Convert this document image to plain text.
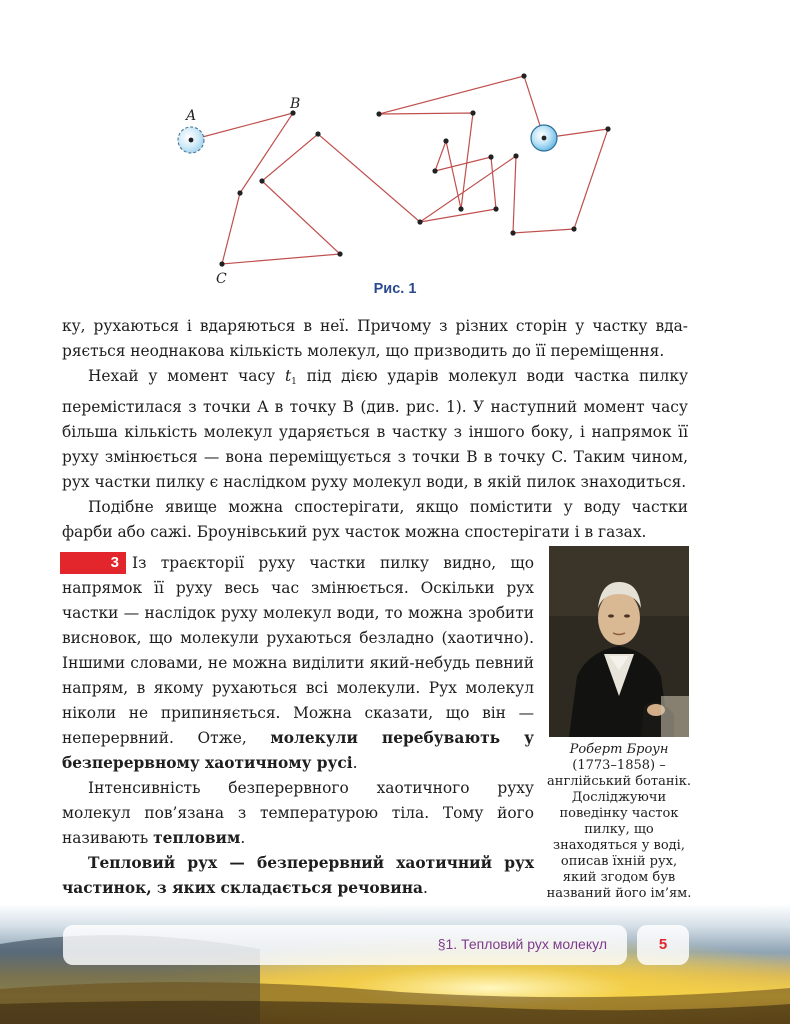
A
B
C
Рис. 1

ку, рухаються і вдаряються в неї. Причому з різних сторін у частку вда-

ряється неоднакова кількість молекул, що призводить до її переміщення.

Нехай у момент часу $t_1$ під дією ударів молекул води частка пилку перемістилася з точки A в точку B (див. рис. 1). У наступний момент часу більша кількість молекул ударяється в частку з іншого боку, і напрямок її руху змінюється — вона переміщується з точки B в точку C. Таким чином, рух частки пилку є наслідком руху молекул води, в якій пилок знаходиться.

Подібне явище можна спостерігати, якщо помістити у воду частки фарби або сажі. Броунівський рух часток можна спостерігати і в газах.

3 Із траєкторії руху частки пилку видно, що напрямок її руху весь час змінюється. Оскільки рух частки — наслідок руху молекул води, то можна зробити висновок, що молекули рухаються безладно (хаотично). Іншими словами, не можна виділити який-небудь певний напрям, в якому рухаються всі молекули. Рух молекул ніколи не припиняється. Можна сказати, що він — неперервний. Отже, молекули перебувають у безперервному хаотичному русі.

Інтенсивність безперервного хаотичного руху молекул пов’язана з температурою тіла. Тому його називають тепловим.

Тепловий рух — безперервний хаотичний рух частинок, з яких складається речовина.

Роберт Броун
(1773–1858) – англійський ботанік. Досліджуючи поведінку часток пилку, що знаходяться у воді, описав їхній рух, який згодом був названий його ім’ям.
§1. Тепловий рух молекул	5
